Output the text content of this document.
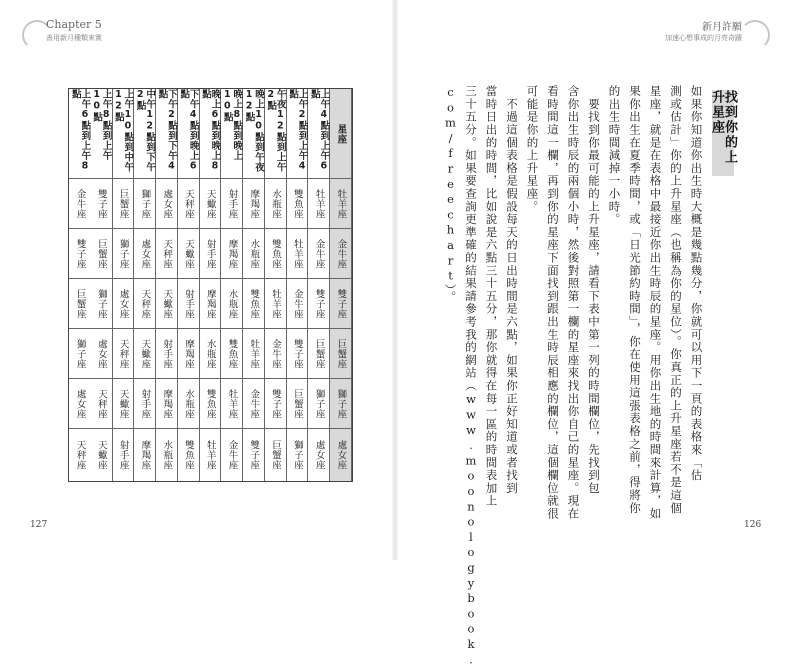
Chapter 5
善用新月種類來實
星座
牡羊座
金牛座
雙子座
巨蟹座
獅子座
處女座
上午4點到上午6點
牡羊座
金牛座
雙子座
巨蟹座
獅子座
處女座
上午2點到上午4點
雙魚座
牡羊座
金牛座
雙子座
巨蟹座
獅子座
午夜12點到上午2點
水瓶座
雙魚座
牡羊座
金牛座
雙子座
巨蟹座
晚上10點到午夜12點
摩羯座
水瓶座
雙魚座
牡羊座
金牛座
雙子座
晚上8點到晚上10點
射手座
摩羯座
水瓶座
雙魚座
牡羊座
金牛座
晚上6點到晚上8點
天蠍座
射手座
摩羯座
水瓶座
雙魚座
牡羊座
下午4點到晚上6點
天秤座
天蠍座
射手座
摩羯座
水瓶座
雙魚座
下午2點到下午4點
處女座
天秤座
天蠍座
射手座
摩羯座
水瓶座
中午12點到下午2點
獅子座
處女座
天秤座
天蠍座
射手座
摩羯座
上午10點到中午12點
巨蟹座
獅子座
處女座
天秤座
天蠍座
射手座
上午8點到上午10點
雙子座
巨蟹座
獅子座
處女座
天秤座
天蠍座
上午6點到上午8點
金牛座
雙子座
巨蟹座
獅子座
處女座
天秤座
127
新月許願
加速心想事成的月亮奇蹟
找到你的上升星座
如果你知道你出生時大概是幾點幾分，你就可以用下一頁的表格來「估
測或估計」你的上升星座（也稱為你的星位）。你真正的上升星座若不是這個
星座，就是在表格中最接近你出生時辰的星座。用你出生地的時間來計算，如
果你出生在夏季時間，或「日光節約時間」，你在使用這張表格之前，得將你
的出生時間減掉一小時。
　要找到你最可能的上升星座，請看下表中第一列的時間欄位，先找到包
含你出生時辰的兩個小時，然後對照第一欄的星座來找出你自己的星座。現在
看時間這一欄，再到你的星座下面找到跟出生時辰相應的欄位，這個欄位就很
可能是你的上升星座。
　不過這個表格是假設每天的日出時間是六點，如果你正好知道或者找到
當時日出的時間，比如說是六點三十五分，那你就得在每一區的時間表加上
三十五分。如果要查詢更準確的結果請參考我的網站（www.moonologybook.
com/freechart）。
126
